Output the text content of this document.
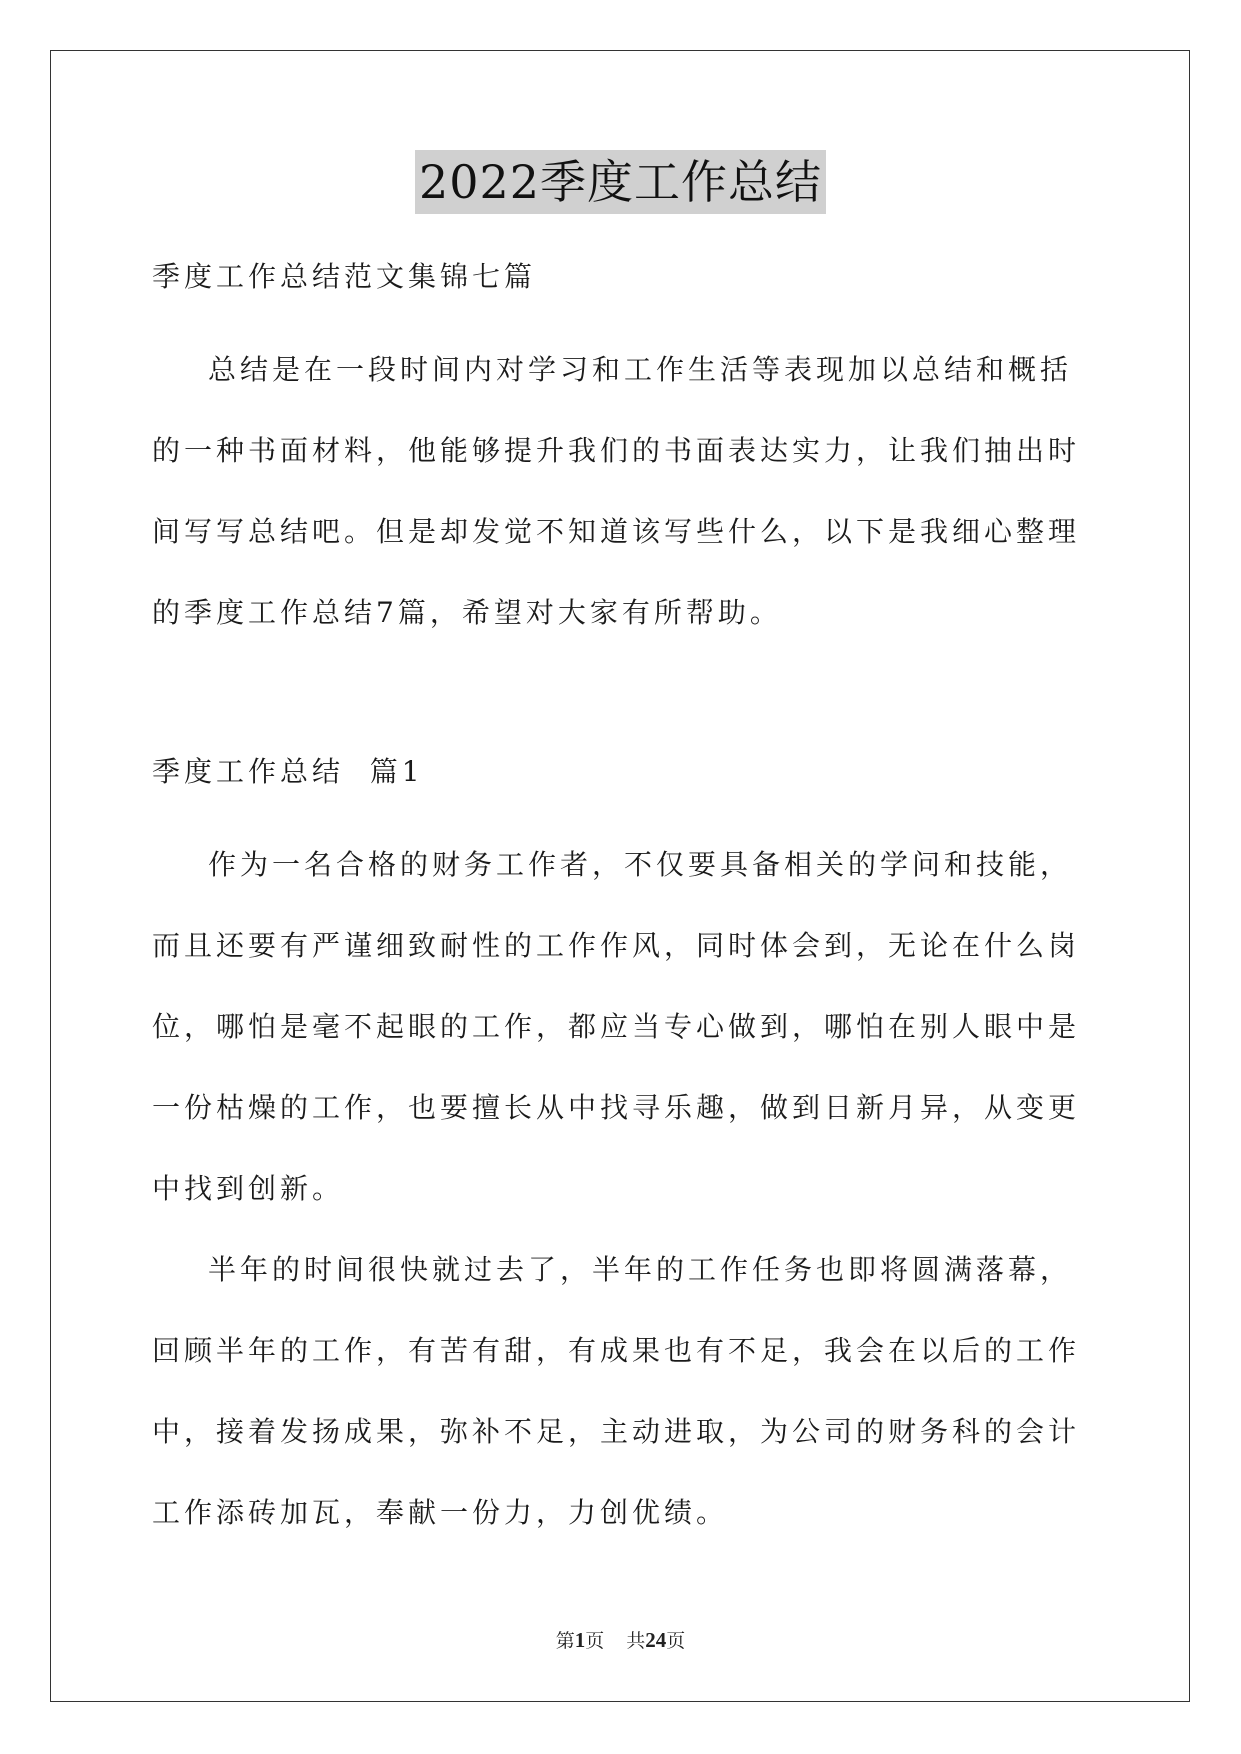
2022季度工作总结

季度工作总结范文集锦七篇

总结是在一段时间内对学习和工作生活等表现加以总结和概括的一种书面材料，他能够提升我们的书面表达实力，让我们抽出时间写写总结吧。但是却发觉不知道该写些什么，以下是我细心整理的季度工作总结7篇，希望对大家有所帮助。

季度工作总结  篇1

作为一名合格的财务工作者，不仅要具备相关的学问和技能，而且还要有严谨细致耐性的工作作风，同时体会到，无论在什么岗位，哪怕是毫不起眼的工作，都应当专心做到，哪怕在别人眼中是一份枯燥的工作，也要擅长从中找寻乐趣，做到日新月异，从变更中找到创新。

半年的时间很快就过去了，半年的工作任务也即将圆满落幕，回顾半年的工作，有苦有甜，有成果也有不足，我会在以后的工作中，接着发扬成果，弥补不足，主动进取，为公司的财务科的会计工作添砖加瓦，奉献一份力，力创优绩。

第1页 共24页
